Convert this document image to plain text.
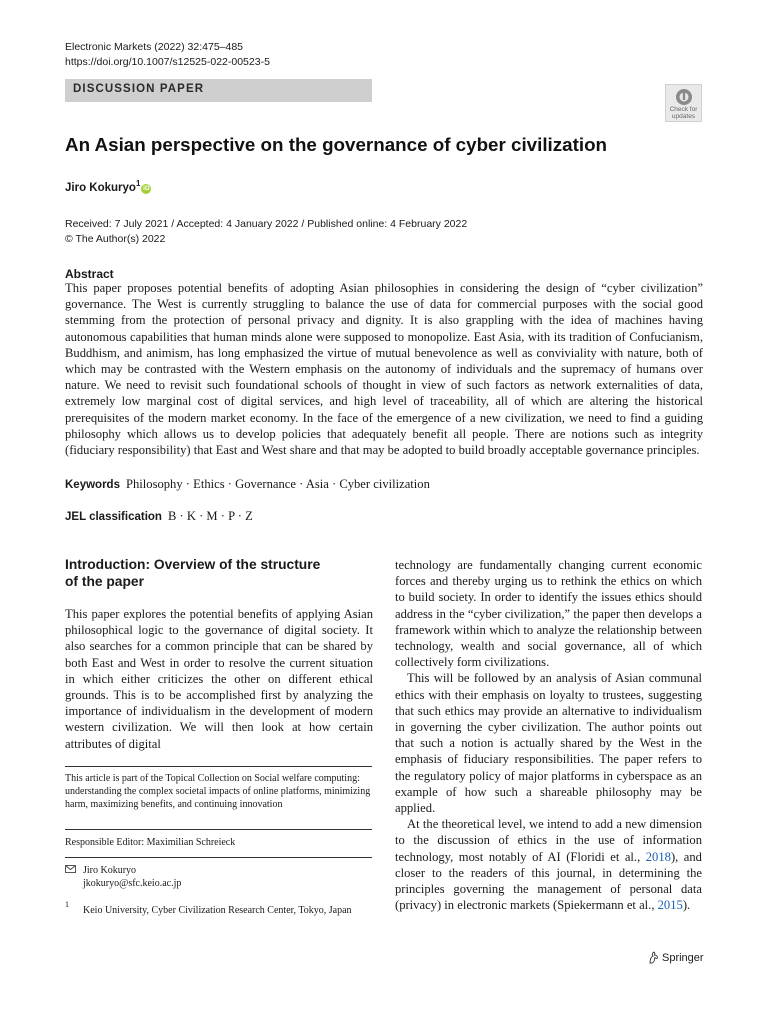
Electronic Markets (2022) 32:475–485
https://doi.org/10.1007/s12525-022-00523-5
DISCUSSION PAPER
Check for
updates
An Asian perspective on the governance of cyber civilization
Jiro Kokuryo$^1$iD
Received: 7 July 2021 / Accepted: 4 January 2022 / Published online: 4 February 2022
© The Author(s) 2022
Abstract
This paper proposes potential benefits of adopting Asian philosophies in considering the design of “cyber civilization” governance. The West is currently struggling to balance the use of data for commercial purposes with the social good stemming from the protection of personal privacy and dignity. It is also grappling with the idea of machines having autonomous capabilities that human minds alone were supposed to monopolize. East Asia, with its tradition of Confucianism, Buddhism, and animism, has long emphasized the virtue of mutual benevolence as well as conviviality with nature, both of which may be contrasted with the Western emphasis on the autonomy of individuals and the supremacy of humans over nature. We need to revisit such foundational schools of thought in view of such factors as network externalities of data, extremely low marginal cost of digital services, and high level of traceability, all of which are altering the historical prerequisites of the modern market economy. In the face of the emergence of a new civilization, we need to find a guiding philosophy which allows us to develop policies that adequately benefit all people. There are notions such as integrity (fiduciary responsibility) that East and West share and that may be adopted to build broadly acceptable governance principles.
Keywords Philosophy · Ethics · Governance · Asia · Cyber civilization
JEL classification B · K · M · P · Z
Introduction: Overview of the structure
of the paper

This paper explores the potential benefits of applying Asian philosophical logic to the governance of digital society. It also searches for a common principle that can be shared by both East and West in order to resolve the current situation in which either criticizes the other on different ethical grounds. This is to be accomplished first by analyzing the importance of individualism in the development of modern western civilization. We will then look at how certain attributes of digital

technology are fundamentally changing current economic forces and thereby urging us to rethink the ethics on which to build society. In order to identify the issues ethics should address in the “cyber civilization,” the paper then develops a framework within which to analyze the relationship between technology, wealth and social governance, all of which collectively form civilizations.

This will be followed by an analysis of Asian communal ethics with their emphasis on loyalty to trustees, suggesting that such ethics may provide an alternative to individualism in governing the cyber civilization. The author points out that such a notion is actually shared by the West in the emphasis of fiduciary responsibilities. The paper refers to the regulatory policy of major platforms in cyberspace as an example of how such a shareable philosophy may be applied.

At the theoretical level, we intend to add a new dimension to the discussion of ethics in the use of information technology, most notably of AI (Floridi et al., 2018), and closer to the readers of this journal, in determining the principles governing the management of personal data (privacy) in electronic markets (Spiekermann et al., 2015).

This article is part of the Topical Collection on Social welfare computing: understanding the complex societal impacts of online platforms, minimizing harm, maximizing benefits, and continuing innovation
Responsible Editor: Maximilian Schreieck
Jiro Kokuryo
jkokuryo@sfc.keio.ac.jp
1
Keio University, Cyber Civilization Research Center, Tokyo, Japan
Springer
